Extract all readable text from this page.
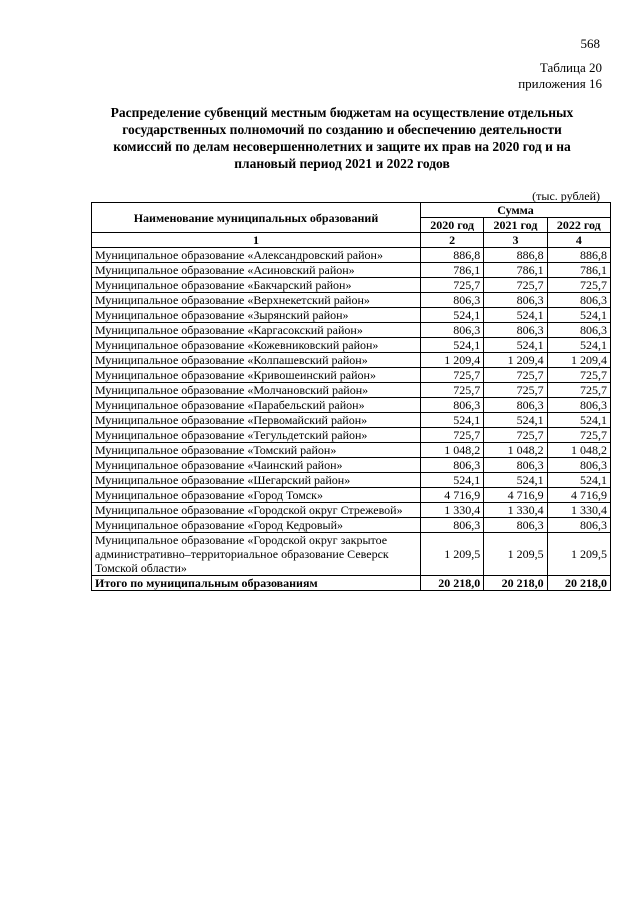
568
Таблица 20
приложения 16
Распределение субвенций местным бюджетам на осуществление отдельных государственных полномочий по созданию и обеспечению деятельности комиссий по делам несовершеннолетних и защите их прав на 2020 год и на плановый период 2021 и 2022 годов
(тыс. рублей)
Наименование муниципальных образований	Сумма		
	2020 год	2021 год	2022 год
1	2	3	4
Муниципальное образование «Александровский район»	886,8	886,8	886,8
Муниципальное образование «Асиновский район»	786,1	786,1	786,1
Муниципальное образование «Бакчарский район»	725,7	725,7	725,7
Муниципальное образование «Верхнекетский район»	806,3	806,3	806,3
Муниципальное образование «Зырянский район»	524,1	524,1	524,1
Муниципальное образование «Каргасокский район»	806,3	806,3	806,3
Муниципальное образование «Кожевниковский район»	524,1	524,1	524,1
Муниципальное образование «Колпашевский район»	1 209,4	1 209,4	1 209,4
Муниципальное образование «Кривошеинский район»	725,7	725,7	725,7
Муниципальное образование «Молчановский район»	725,7	725,7	725,7
Муниципальное образование «Парабельский район»	806,3	806,3	806,3
Муниципальное образование «Первомайский район»	524,1	524,1	524,1
Муниципальное образование «Тегульдетский район»	725,7	725,7	725,7
Муниципальное образование «Томский район»	1 048,2	1 048,2	1 048,2
Муниципальное образование «Чаинский район»	806,3	806,3	806,3
Муниципальное образование «Шегарский район»	524,1	524,1	524,1
Муниципальное образование «Город Томск»	4 716,9	4 716,9	4 716,9
Муниципальное образование «Городской округ Стрежевой»	1 330,4	1 330,4	1 330,4
Муниципальное образование «Город Кедровый»	806,3	806,3	806,3
Муниципальное образование «Городской округ закрытое административно–территориальное образование Северск Томской области»	1 209,5	1 209,5	1 209,5
Итого по муниципальным образованиям	20 218,0	20 218,0	20 218,0
